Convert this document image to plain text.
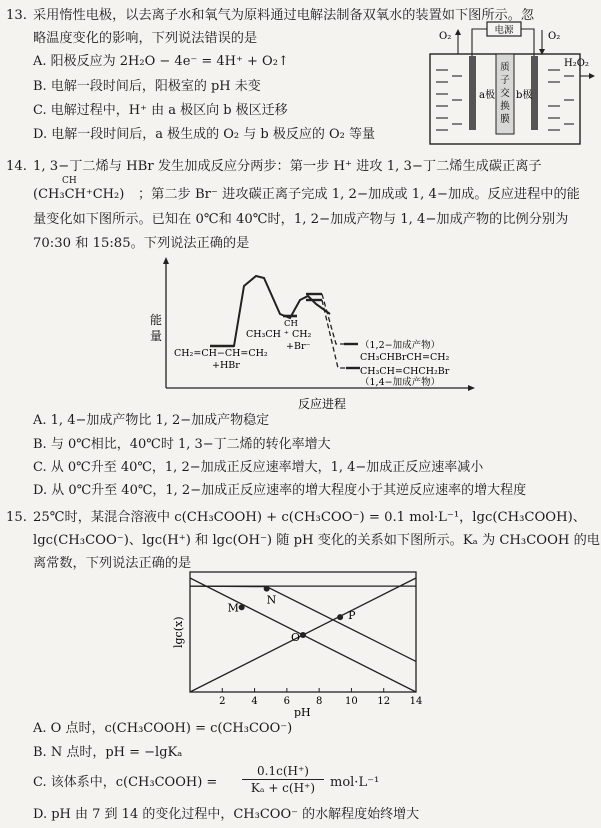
13. 采用惰性电极，以去离子水和氧气为原料通过电解法制备双氧水的装置如下图所示。忽
略温度变化的影响，下列说法错误的是
A. 阳极反应为 2H₂O − 4e⁻ = 4H⁺ + O₂↑
B. 电解一段时间后，阳极室的 pH 未变
C. 电解过程中，H⁺ 由 a 极区向 b 极区迁移
D. 电解一段时间后，a 极生成的 O₂ 与 b 极反应的 O₂ 等量
电源
O₂	O₂
质
子
交
换
膜
a极 b极
H₂O₂
14. 1, 3−丁二烯与 HBr 发生加成反应分两步：第一步 H⁺ 进攻 1, 3−丁二烯生成碳正离子
CH
(CH₃CH⁺CH₂) ；第二步 Br⁻ 进攻碳正离子完成 1, 2−加成或 1, 4−加成。反应进程中的能
量变化如下图所示。已知在 0℃和 40℃时，1, 2−加成产物与 1, 4−加成产物的比例分别为
70:30 和 15:85。下列说法正确的是
能
量
反应进程
CH₂=CH−CH=CH₂
+HBr
CH
CH₃CH ⁺ CH₂
+Br⁻	（1,2−加成产物）
CH₃CHBrCH=CH₂
CH₃CH=CHCH₂Br
（1,4−加成产物）
A. 1, 4−加成产物比 1, 2−加成产物稳定
B. 与 0℃相比，40℃时 1, 3−丁二烯的转化率增大
C. 从 0℃升至 40℃，1, 2−加成正反应速率增大，1, 4−加成正反应速率减小
D. 从 0℃升至 40℃，1, 2−加成正反应速率的增大程度小于其逆反应速率的增大程度
15. 25℃时，某混合溶液中 c(CH₃COOH) + c(CH₃COO⁻) = 0.1 mol·L⁻¹，lgc(CH₃COOH)、
lgc(CH₃COO⁻)、lgc(H⁺) 和 lgc(OH⁻) 随 pH 变化的关系如下图所示。Kₐ 为 CH₃COOH 的电
离常数，下列说法正确的是
lgc(x)
pH
2	4	6	8 10 12 14
M
N
O
P
A. O 点时，c(CH₃COOH) = c(CH₃COO⁻)
B. N 点时，pH = −lgKₐ
C. 该体系中，c(CH₃COOH) =
0.1c(H⁺)
Kₐ + c(H⁺)	mol·L⁻¹
D. pH 由 7 到 14 的变化过程中，CH₃COO⁻ 的水解程度始终增大
